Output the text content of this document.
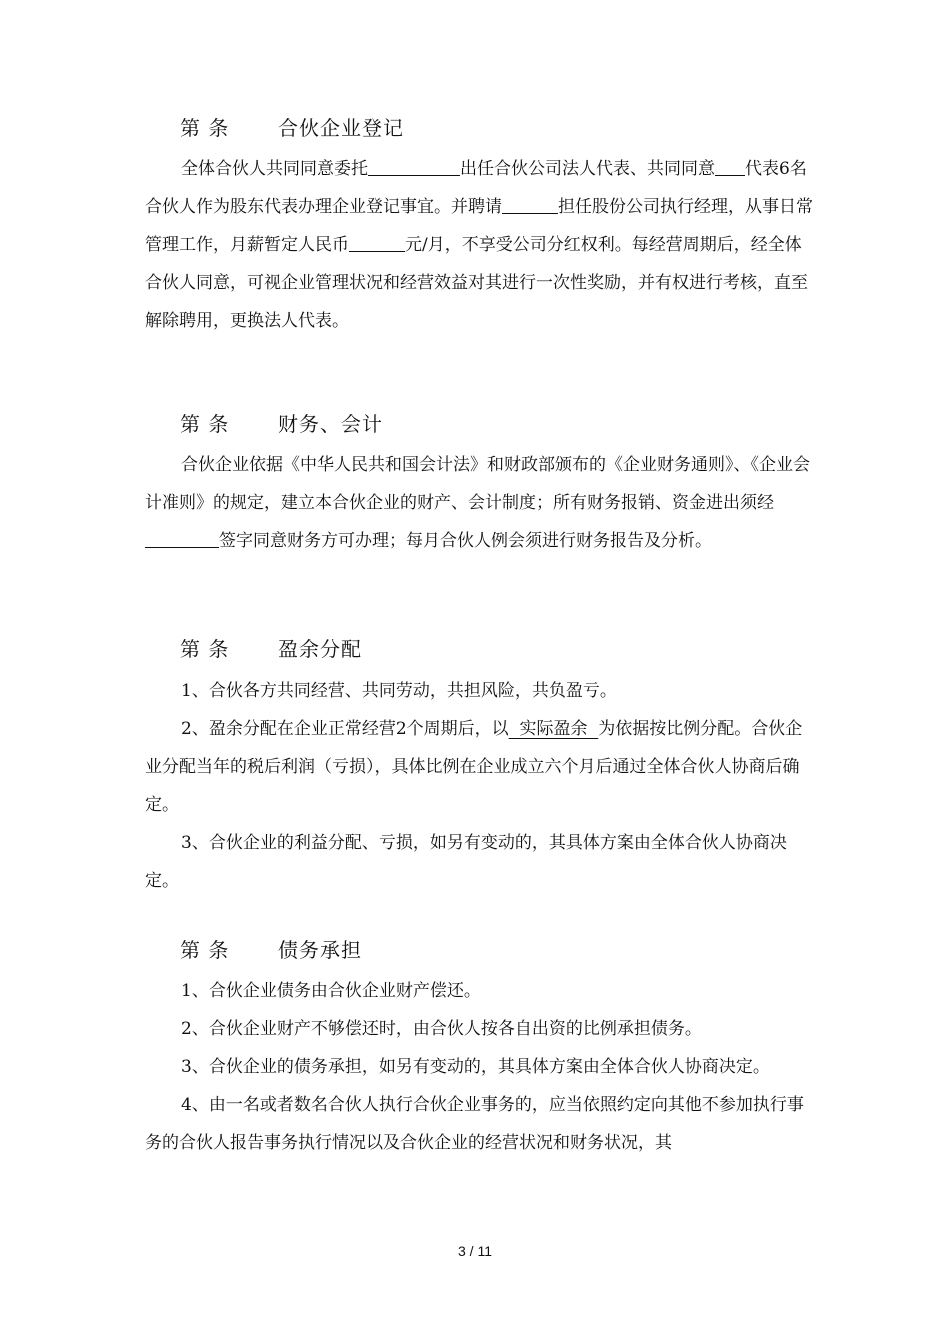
第 条 合伙企业登记

全体合伙人共同同意委托	出任合伙公司法人代表、共同同意 代表6名合伙人作为股东代表办理企业登记事宜。并聘请	担任股份公司执行经理，从事日常管理工作，月薪暂定人民币	元/月，不享受公司分红权利。每经营周期后，经全体合伙人同意，可视企业管理状况和经营效益对其进行一次性奖励，并有权进行考核，直至解除聘用，更换法人代表。

第 条 财务、会计

合伙企业依据《中华人民共和国会计法》和财政部颁布的《企业财务通则》、《企业会计准则》的规定，建立本合伙企业的财产、会计制度；所有财务报销、资金进出须经签字同意财务方可办理；每月合伙人例会须进行财务报告及分析。

第 条 盈余分配
1、合伙各方共同经营、共同劳动，共担风险，共负盈亏。
2、盈余分配在企业正常经营2个周期后，以  实际盈余  为依据按比例分配。合伙企业分配当年的税后利润（亏损），具体比例在企业成立六个月后通过全体合伙人协商后确定。
3、合伙企业的利益分配、亏损，如另有变动的，其具体方案由全体合伙人协商决定。
第 条 债务承担
1、合伙企业债务由合伙企业财产偿还。
2、合伙企业财产不够偿还时，由合伙人按各自出资的比例承担债务。
3、合伙企业的债务承担，如另有变动的，其具体方案由全体合伙人协商决定。
4、由一名或者数名合伙人执行合伙企业事务的，应当依照约定向其他不参加执行事务的合伙人报告事务执行情况以及合伙企业的经营状况和财务状况，其
3 / 11
